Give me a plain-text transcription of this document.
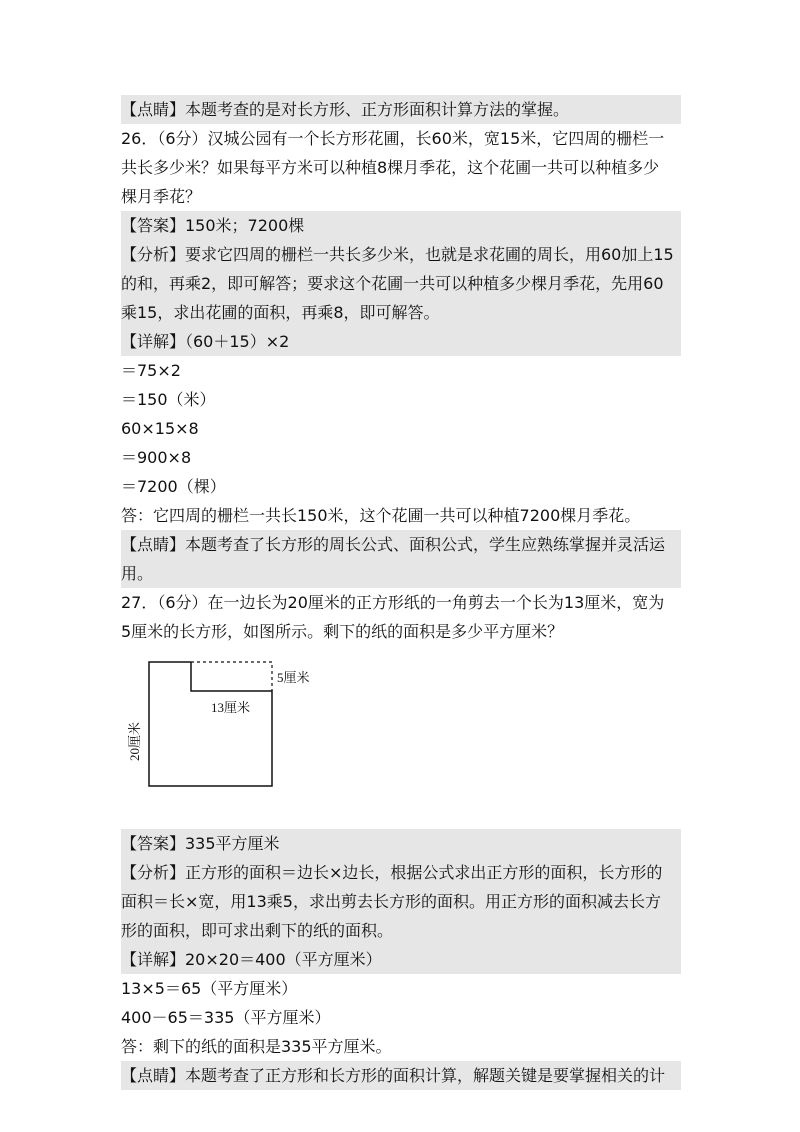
【点睛】本题考查的是对长方形、正方形面积计算方法的掌握。
26．（6分）汉城公园有一个长方形花圃，长60米，宽15米，它四周的栅栏一
共长多少米？如果每平方米可以种植8棵月季花，这个花圃一共可以种植多少
棵月季花？
【答案】150米；7200棵
【分析】要求它四周的栅栏一共长多少米，也就是求花圃的周长，用60加上15
的和，再乘2，即可解答；要求这个花圃一共可以种植多少棵月季花，先用60
乘15，求出花圃的面积，再乘8，即可解答。
【详解】（60＋15）×2
＝75×2
＝150（米）
60×15×8
＝900×8
＝7200（棵）
答：它四周的栅栏一共长150米，这个花圃一共可以种植7200棵月季花。
【点睛】本题考查了长方形的周长公式、面积公式，学生应熟练掌握并灵活运
用。
27．（6分）在一边长为20厘米的正方形纸的一角剪去一个长为13厘米，宽为
5厘米的长方形，如图所示。剩下的纸的面积是多少平方厘米？
5厘米
13厘米
20厘米
【答案】335平方厘米
【分析】正方形的面积＝边长×边长，根据公式求出正方形的面积，长方形的
面积＝长×宽，用13乘5，求出剪去长方形的面积。用正方形的面积减去长方
形的面积，即可求出剩下的纸的面积。
【详解】20×20＝400（平方厘米）
13×5＝65（平方厘米）
400－65＝335（平方厘米）
答：剩下的纸的面积是335平方厘米。
【点睛】本题考查了正方形和长方形的面积计算，解题关键是要掌握相关的计
